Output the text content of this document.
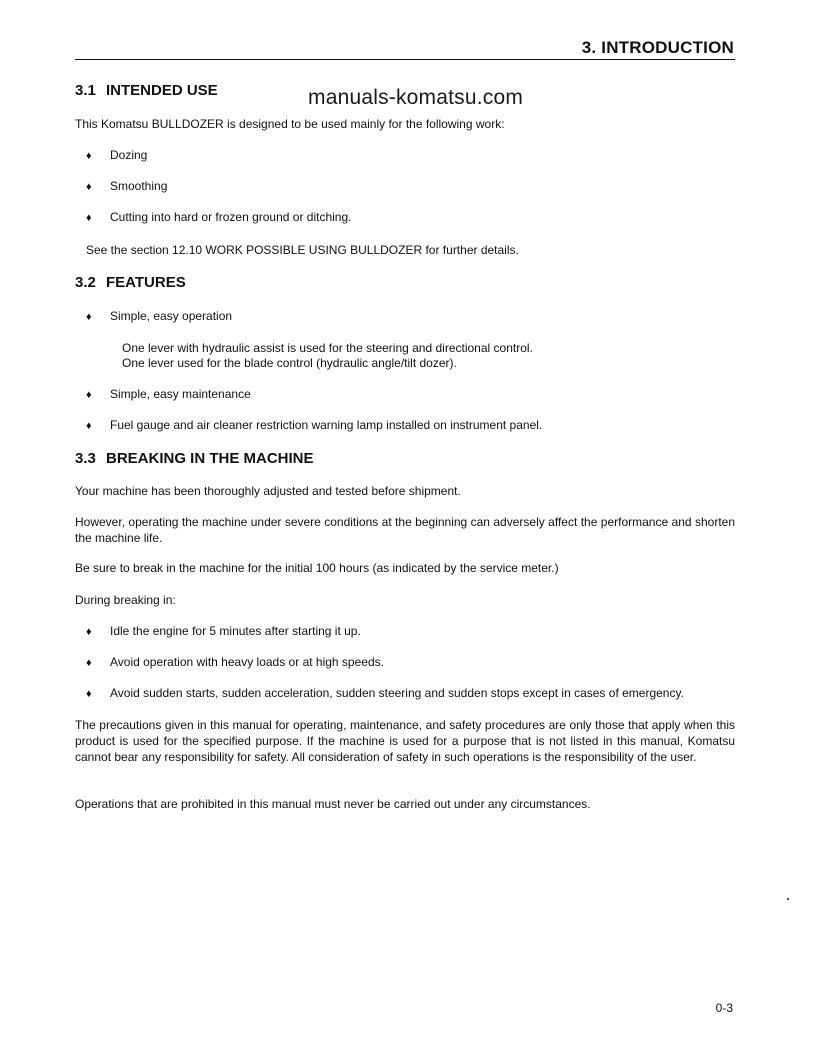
3. INTRODUCTION
manuals-komatsu.com
3.1 INTENDED USE
This Komatsu BULLDOZER is designed to be used mainly for the following work:
♦ Dozing
♦ Smoothing
♦ Cutting into hard or frozen ground or ditching.
See the section 12.10 WORK POSSIBLE USING BULLDOZER for further details.
3.2 FEATURES
♦ Simple, easy operation
One lever with hydraulic assist is used for the steering and directional control.
One lever used for the blade control (hydraulic angle/tilt dozer).
♦ Simple, easy maintenance
♦ Fuel gauge and air cleaner restriction warning lamp installed on instrument panel.
3.3 BREAKING IN THE MACHINE
Your machine has been thoroughly adjusted and tested before shipment.
However, operating the machine under severe conditions at the beginning can adversely affect the performance and shorten the machine life.
Be sure to break in the machine for the initial 100 hours (as indicated by the service meter.)
During breaking in:
♦ Idle the engine for 5 minutes after starting it up.
♦ Avoid operation with heavy loads or at high speeds.
♦ Avoid sudden starts, sudden acceleration, sudden steering and sudden stops except in cases of emergency.
The precautions given in this manual for operating, maintenance, and safety procedures are only those that apply when this product is used for the specified purpose. If the machine is used for a purpose that is not listed in this manual, Komatsu cannot bear any responsibility for safety. All consideration of safety in such operations is the responsibility of the user.
Operations that are prohibited in this manual must never be carried out under any circumstances.
0-3
